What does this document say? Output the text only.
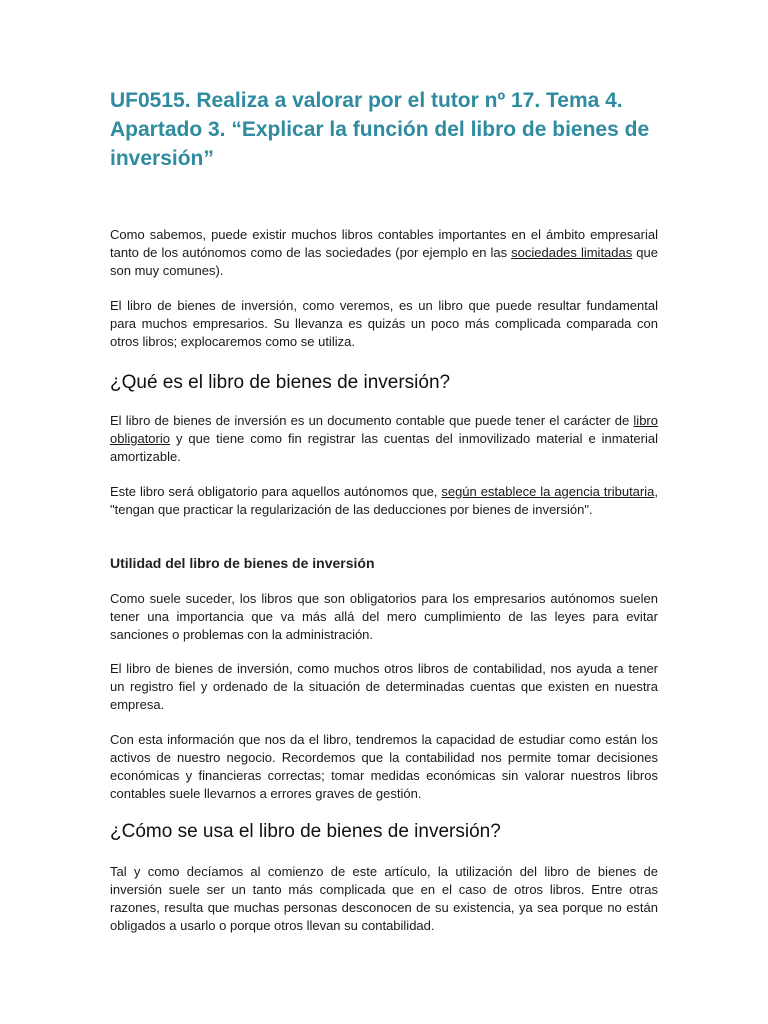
UF0515. Realiza a valorar por el tutor nº 17. Tema 4. Apartado 3. “Explicar la función del libro de bienes de inversión”

Como sabemos, puede existir muchos libros contables importantes en el ámbito empresarial tanto de los autónomos como de las sociedades (por ejemplo en las sociedades limitadas que son muy comunes).

El libro de bienes de inversión, como veremos, es un libro que puede resultar fundamental para muchos empresarios. Su llevanza es quizás un poco más complicada comparada con otros libros; explocaremos como se utiliza.

¿Qué es el libro de bienes de inversión?

El libro de bienes de inversión es un documento contable que puede tener el carácter de libro obligatorio y que tiene como fin registrar las cuentas del inmovilizado material e inmaterial amortizable.

Este libro será obligatorio para aquellos autónomos que, según establece la agencia tributaria, "tengan que practicar la regularización de las deducciones por bienes de inversión".

Utilidad del libro de bienes de inversión

Como suele suceder, los libros que son obligatorios para los empresarios autónomos suelen tener una importancia que va más allá del mero cumplimiento de las leyes para evitar sanciones o problemas con la administración.

El libro de bienes de inversión, como muchos otros libros de contabilidad, nos ayuda a tener un registro fiel y ordenado de la situación de determinadas cuentas que existen en nuestra empresa.

Con esta información que nos da el libro, tendremos la capacidad de estudiar como están los activos de nuestro negocio. Recordemos que la contabilidad nos permite tomar decisiones económicas y financieras correctas; tomar medidas económicas sin valorar nuestros libros contables suele llevarnos a errores graves de gestión.

¿Cómo se usa el libro de bienes de inversión?

Tal y como decíamos al comienzo de este artículo, la utilización del libro de bienes de inversión suele ser un tanto más complicada que en el caso de otros libros. Entre otras razones, resulta que muchas personas desconocen de su existencia, ya sea porque no están obligados a usarlo o porque otros llevan su contabilidad.
